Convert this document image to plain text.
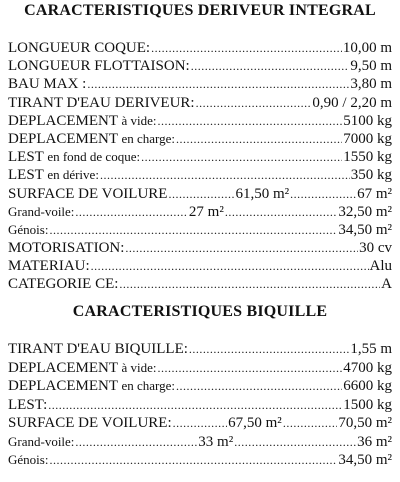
CARACTERISTIQUES DERIVEUR INTEGRAL
LONGUEUR COQUE: .....	10,00 m
LONGUEUR FLOTTAISON: .....	9,50 m
BAU MAX : .....	3,80 m
TIRANT D'EAU DERIVEUR: .....	0,90 / 2,20 m
DEPLACEMENT à vide: .....	5100 kg
DEPLACEMENT en charge: .....	7000 kg
LEST en fond de coque: .....	1550 kg
LEST en dérive: .....	350 kg
SURFACE DE VOILURE .....	61,50 m² .....	67 m²
Grand-voile: .....	27 m² .....	32,50 m²
Génois: .....	34,50 m²
MOTORISATION: .....	30 cv
MATERIAU: .....	Alu
CATEGORIE CE: .....	A
CARACTERISTIQUES BIQUILLE
TIRANT D'EAU BIQUILLE: .....	1,55 m
DEPLACEMENT à vide: .....	4700 kg
DEPLACEMENT en charge: .....	6600 kg
LEST: .....	1500 kg
SURFACE DE VOILURE: .....	67,50 m² .....	70,50 m²
Grand-voile: .....	33 m² .....	36 m²
Génois: .....	34,50 m²
